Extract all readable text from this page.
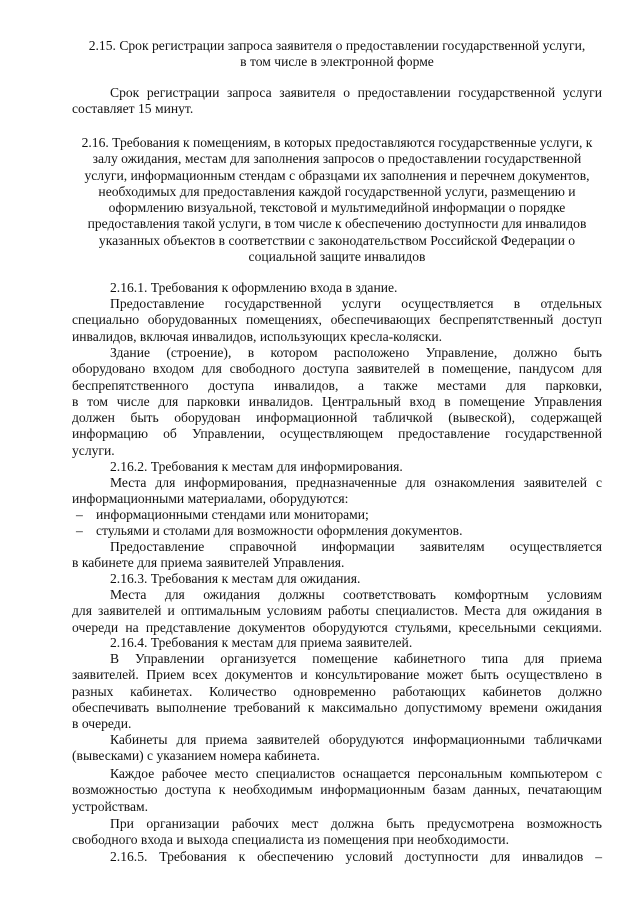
2.15. Срок регистрации запроса заявителя о предоставлении государственной услуги,
в том числе в электронной форме
Срок регистрации запроса заявителя о предоставлении государственной услуги
составляет 15 минут.
2.16. Требования к помещениям, в которых предоставляются государственные услуги, к
залу ожидания, местам для заполнения запросов о предоставлении государственной
услуги, информационным стендам с образцами их заполнения и перечнем документов,
необходимых для предоставления каждой государственной услуги, размещению и
оформлению визуальной, текстовой и мультимедийной информации о порядке
предоставления такой услуги, в том числе к обеспечению доступности для инвалидов
указанных объектов в соответствии с законодательством Российской Федерации о
социальной защите инвалидов
2.16.1. Требования к оформлению входа в здание.
Предоставление государственной услуги осуществляется в отдельных
специально оборудованных помещениях, обеспечивающих беспрепятственный доступ
инвалидов, включая инвалидов, использующих кресла-коляски.
Здание (строение), в котором расположено Управление, должно быть
оборудовано входом для свободного доступа заявителей в помещение, пандусом для
беспрепятственного доступа инвалидов, а также местами для парковки,
в том числе для парковки инвалидов. Центральный вход в помещение Управления
должен быть оборудован информационной табличкой (вывеской), содержащей
информацию об Управлении, осуществляющем предоставление государственной
услуги.
2.16.2. Требования к местам для информирования.
Места для информирования, предназначенные для ознакомления заявителей с
информационными материалами, оборудуются:
– информационными стендами или мониторами;
– стульями и столами для возможности оформления документов.
Предоставление справочной информации заявителям осуществляется
в кабинете для приема заявителей Управления.
2.16.3. Требования к местам для ожидания.
Места для ожидания должны соответствовать комфортным условиям
для заявителей и оптимальным условиям работы специалистов. Места для ожидания в
очереди на представление документов оборудуются стульями, кресельными секциями.
2.16.4. Требования к местам для приема заявителей.
В Управлении организуется помещение кабинетного типа для приема
заявителей. Прием всех документов и консультирование может быть осуществлено в
разных кабинетах. Количество одновременно работающих кабинетов должно
обеспечивать выполнение требований к максимально допустимому времени ожидания
в очереди.
Кабинеты для приема заявителей оборудуются информационными табличками
(вывесками) с указанием номера кабинета.
Каждое рабочее место специалистов оснащается персональным компьютером с
возможностью доступа к необходимым информационным базам данных, печатающим
устройствам.
При организации рабочих мест должна быть предусмотрена возможность
свободного входа и выхода специалиста из помещения при необходимости.
2.16.5. Требования к обеспечению условий доступности для инвалидов –
